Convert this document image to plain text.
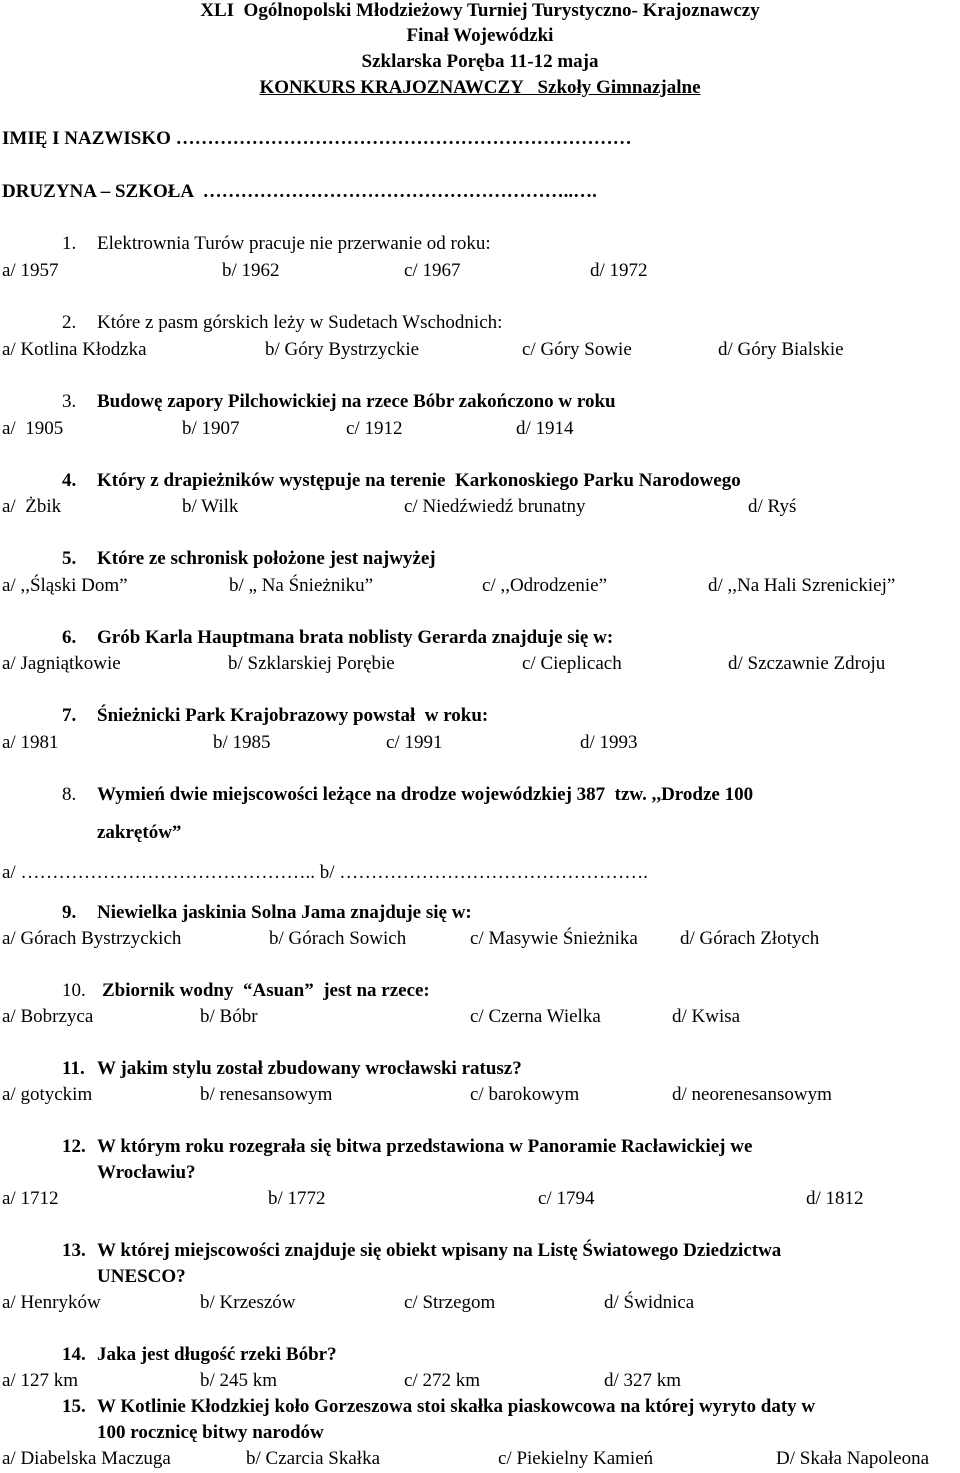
XLI  Ogólnopolski Młodzieżowy Turniej Turystyczno- Krajoznawczy
Finał Wojewódzki
Szklarska Poręba 11-12 maja
KONKURS KRAJOZNAWCZY   Szkoły Gimnazjalne
IMIĘ I NAZWISKO ………………………………………………………………
DRUZYNA – SZKOŁA  …………………………………………………..….
1. Elektrownia Turów pracuje nie przerwanie od roku:
a/ 1957	b/ 1962	c/ 1967	d/ 1972
2. Które z pasm górskich leży w Sudetach Wschodnich:
a/ Kotlina Kłodzka	b/ Góry Bystrzyckie	c/ Góry Sowie	d/ Góry Bialskie
3. Budowę zapory Pilchowickiej na rzece Bóbr zakończono w roku
a/  1905	b/ 1907	c/ 1912	d/ 1914
4. Który z drapieżników występuje na terenie  Karkonoskiego Parku Narodowego
a/  Żbik	b/ Wilk	c/ Niedźwiedź brunatny	d/ Ryś
5. Które ze schronisk położone jest najwyżej
a/ ,,Śląski Dom”	b/ „ Na Śnieżniku”	c/ ,,Odrodzenie”	d/ ,,Na Hali Szrenickiej”
6. Grób Karla Hauptmana brata noblisty Gerarda znajduje się w:
a/ Jagniątkowie	b/ Szklarskiej Porębie	c/ Cieplicach	d/ Szczawnie Zdroju
7. Śnieżnicki Park Krajobrazowy powstał  w roku:
a/ 1981	b/ 1985	c/ 1991	d/ 1993
8. Wymień dwie miejscowości leżące na drodze wojewódzkiej 387  tzw. ,,Drodze 100
zakrętów”
a/ ……………………………………….. b/ ………………………………………….
9. Niewielka jaskinia Solna Jama znajduje się w:
a/ Górach Bystrzyckich	b/ Górach Sowich	c/ Masywie Śnieżnika d/ Górach Złotych
10. Zbiornik wodny  “Asuan”  jest na rzece:
a/ Bobrzyca	b/ Bóbr	c/ Czerna Wielka	d/ Kwisa
11. W jakim stylu został zbudowany wrocławski ratusz?
a/ gotyckim	b/ renesansowym	c/ barokowym	d/ neorenesansowym
12. W którym roku rozegrała się bitwa przedstawiona w Panoramie Racławickiej we
Wrocławiu?
a/ 1712	b/ 1772	c/ 1794	d/ 1812
13. W której miejscowości znajduje się obiekt wpisany na Listę Światowego Dziedzictwa
UNESCO?
a/ Henryków	b/ Krzeszów	c/ Strzegom	d/ Świdnica
14. Jaka jest długość rzeki Bóbr?
a/ 127 km	b/ 245 km	c/ 272 km	d/ 327 km
15. W Kotlinie Kłodzkiej koło Gorzeszowa stoi skałka piaskowcowa na której wyryto daty w
100 rocznicę bitwy narodów
a/ Diabelska Maczuga	b/ Czarcia Skałka	c/ Piekielny Kamień	D/ Skała Napoleona
